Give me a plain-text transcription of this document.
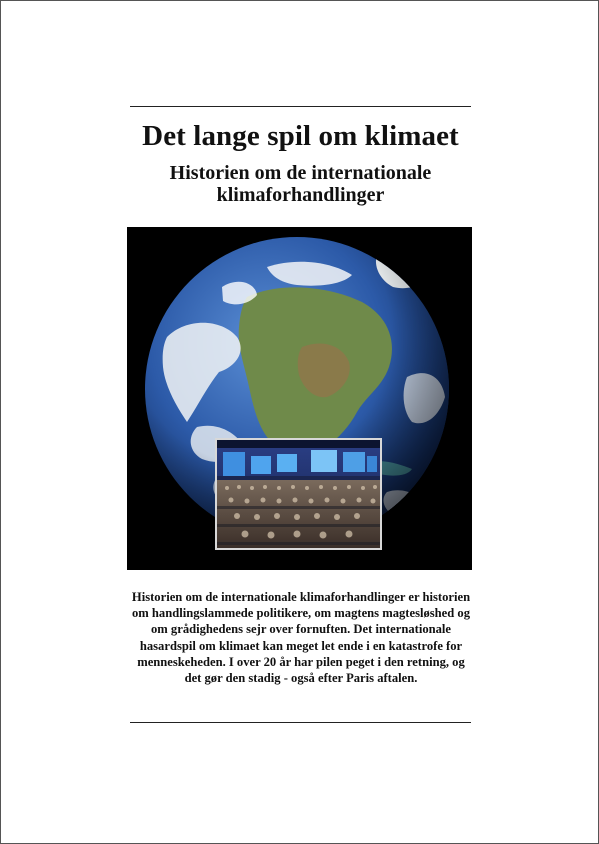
Det lange spil om klimaet
Historien om de internationale klimaforhandlinger
Historien om de internationale klimaforhandlinger er historien om handlingslammede politikere, om magtens magtesløshed og om grådighedens sejr over fornuften. Det internationale hasardspil om klimaet kan meget let ende i en katastrofe for menneskeheden. I over 20 år har pilen peget i den retning, og det gør den stadig - også efter Paris aftalen.
